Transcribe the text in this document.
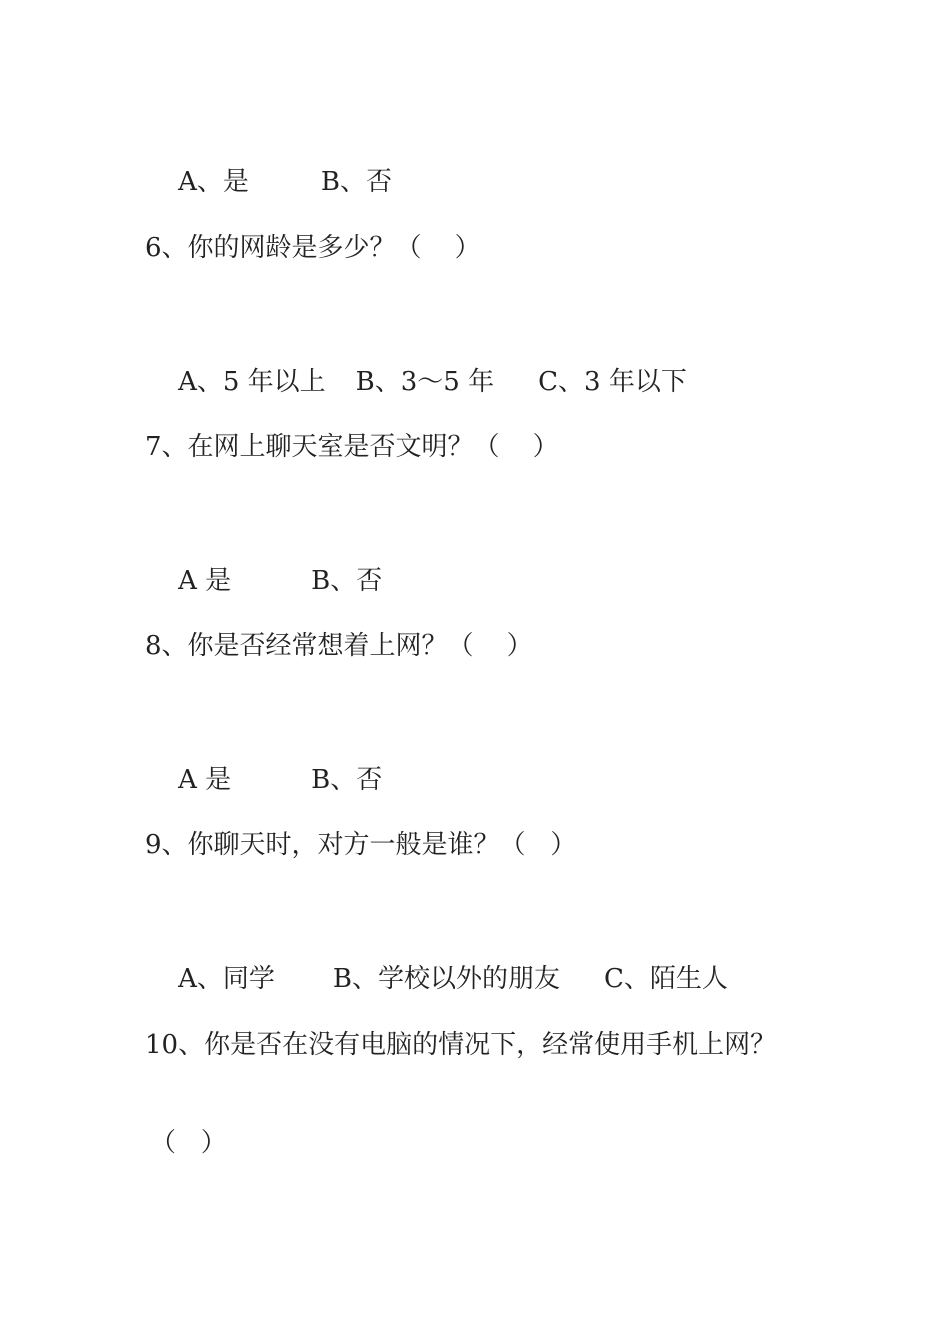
A、是	B、否

6、你的网龄是多少？（    ）

A、5 年以上 B、3～5 年 C、3 年以下

7、在网上聊天室是否文明？（    ）

A 是	B、否

8、你是否经常想着上网？（    ）

A 是	B、否

9、你聊天时，对方一般是谁？（   ）

A、同学 B、学校以外的朋友 C、陌生人

10、你是否在没有电脑的情况下，经常使用手机上网？
（   ）
